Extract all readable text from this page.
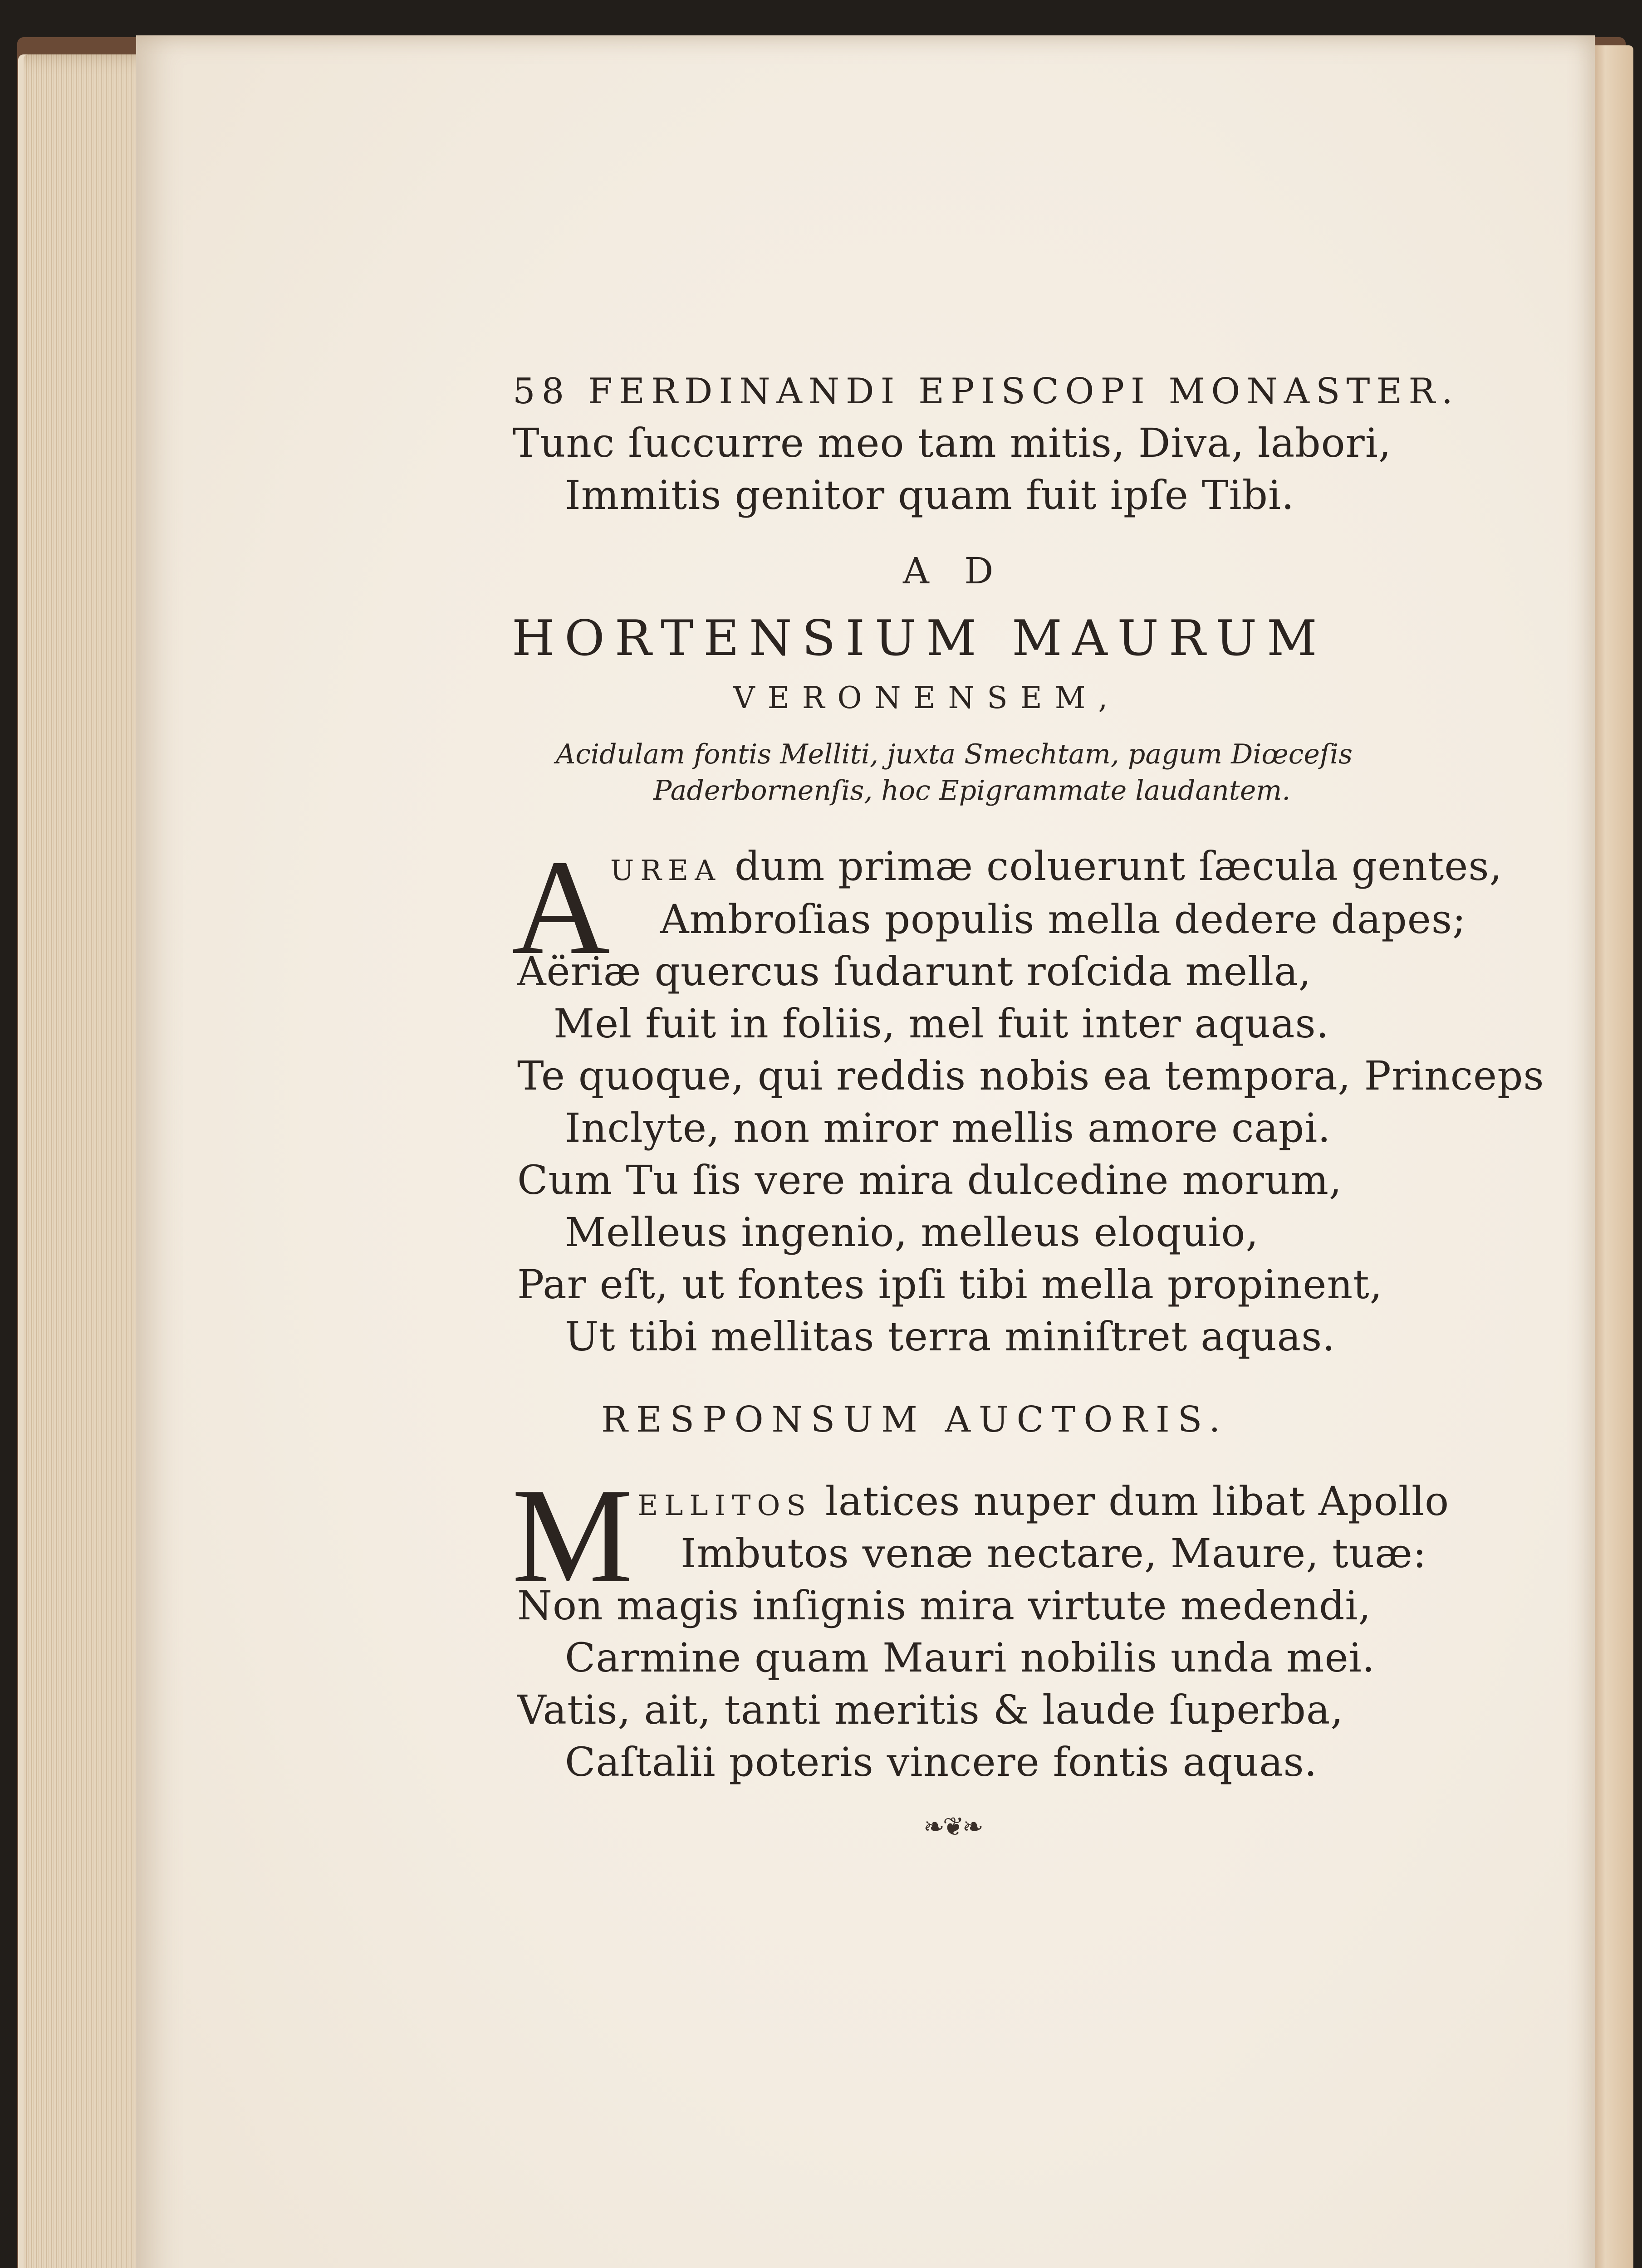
58 FERDINANDI EPISCOPI MONASTER.
Tunc ſuccurre meo tam mitis, Diva, labori,
Immitis genitor quam fuit ipſe Tibi.
A D
HORTENSIUM MAURUM
VERONENSEM,
Acidulam fontis Melliti, juxta Smechtam, pagum Diœceſis
Paderbornenſis, hoc Epigrammate laudantem.
A UREA dum primæ coluerunt ſæcula gentes,
Ambroſias populis mella dedere dapes;
Aëriæ quercus ſudarunt roſcida mella,
Mel fuit in foliis, mel fuit inter aquas.
Te quoque, qui reddis nobis ea tempora, Princeps
Inclyte, non miror mellis amore capi.
Cum Tu ſis vere mira dulcedine morum,
Melleus ingenio, melleus eloquio,
Par eſt, ut fontes ipſi tibi mella propinent,
Ut tibi mellitas terra miniſtret aquas.
RESPONSUM AUCTORIS.
M ELLITOS latices nuper dum libat Apollo
Imbutos venæ nectare, Maure, tuæ:
Non magis inſignis mira virtute medendi,
Carmine quam Mauri nobilis unda mei.
Vatis, ait, tanti meritis & laude ſuperba,
Caſtalii poteris vincere fontis aquas.
❧❦❧
